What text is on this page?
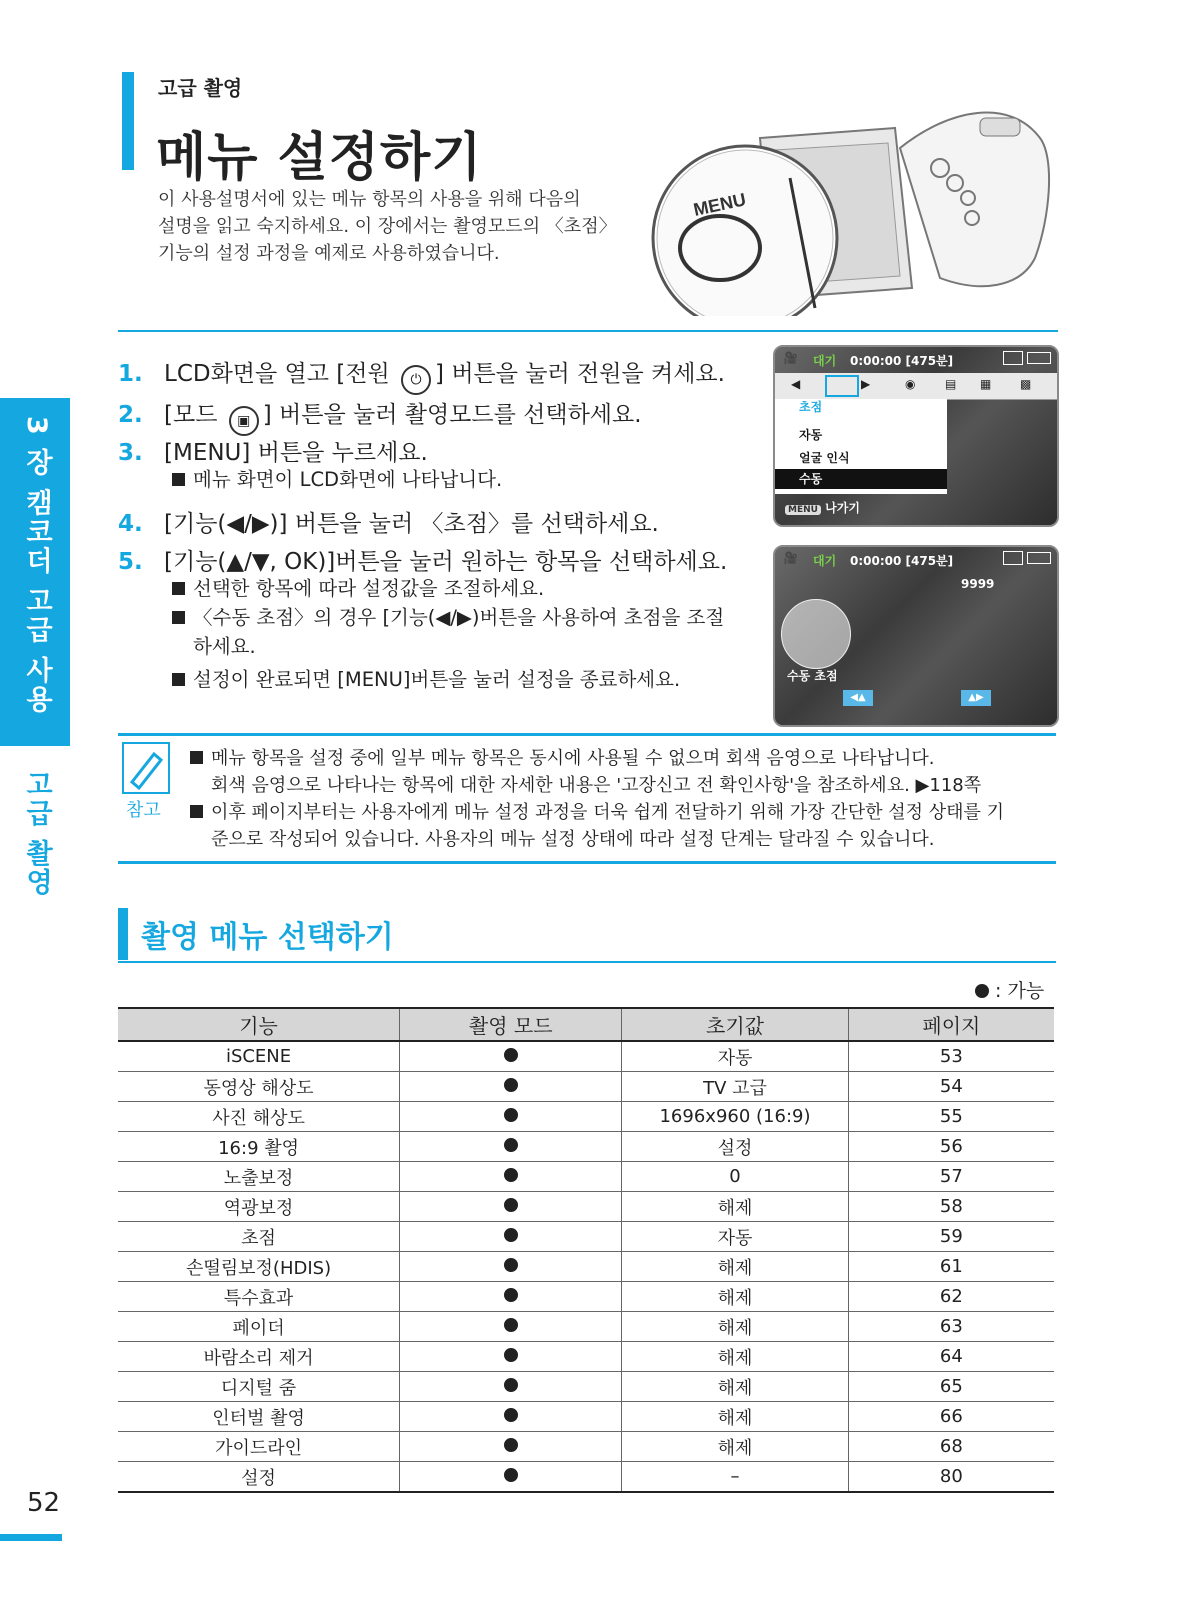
3 장 캠코더 고급 사용
고급 촬영
52
고급 촬영
메뉴 설정하기
이 사용설명서에 있는 메뉴 항목의 사용을 위해 다음의
설명을 읽고 숙지하세요. 이 장에서는 촬영모드의 〈초점〉
기능의 설정 과정을 예제로 사용하였습니다.
MENU
1. LCD화면을 열고 [전원 ⏻ ] 버튼을 눌러 전원을 켜세요.
2. [모드 ▣ ] 버튼을 눌러 촬영모드를 선택하세요.
3. [MENU] 버튼을 누르세요.
메뉴 화면이 LCD화면에 나타납니다.
4. [기능(◀/▶)] 버튼을 눌러 〈초점〉를 선택하세요.
5. [기능(▲/▼, OK)]버튼을 눌러 원하는 항목을 선택하세요.
선택한 항목에 따라 설정값을 조절하세요.
〈수동 초점〉의 경우 [기능(◀/▶)버튼을 사용하여 초점을 조절
하세요.
설정이 완료되면 [MENU]버튼을 눌러 설정을 종료하세요.
🎥 대기 0:00:00 [475분]
◀	▶	◉ ▤ ▦ ▩
초점
자동
얼굴 인식
수동
MENU 나가기
🎥 대기 0:00:00 [475분]
9999
수동 초점
◀▲	▲▶
참고
메뉴 항목을 설정 중에 일부 메뉴 항목은 동시에 사용될 수 없으며 회색 음영으로 나타납니다.
회색 음영으로 나타나는 항목에 대한 자세한 내용은 '고장신고 전 확인사항'을 참조하세요. ▶118쪽
이후 페이지부터는 사용자에게 메뉴 설정 과정을 더욱 쉽게 전달하기 위해 가장 간단한 설정 상태를 기
준으로 작성되어 있습니다. 사용자의 메뉴 설정 상태에 따라 설정 단계는 달라질 수 있습니다.
촬영 메뉴 선택하기
: 가능
기능	촬영 모드	초기값	페이지
iSCENE		자동	53
동영상 해상도		TV 고급	54
사진 해상도		1696x960 (16:9)	55
16:9 촬영		설정	56
노출보정		0	57
역광보정		해제	58
초점		자동	59
손떨림보정(HDIS)		해제	61
특수효과		해제	62
페이더		해제	63
바람소리 제거		해제	64
디지털 줌		해제	65
인터벌 촬영		해제	66
가이드라인		해제	68
설정		–	80
